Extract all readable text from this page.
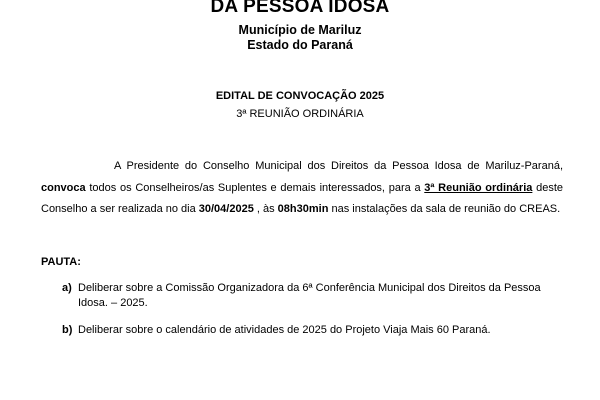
DA PESSOA IDOSA
Município de Mariluz
Estado do Paraná
EDITAL DE CONVOCAÇÃO 2025
3ª REUNIÃO ORDINÁRIA
A Presidente do Conselho Municipal dos Direitos da Pessoa Idosa de Mariluz-Paraná, convoca todos os Conselheiros/as Suplentes e demais interessados, para a 3ª Reunião ordinária deste Conselho a ser realizada no dia 30/04/2025 , às 08h30min nas instalações da sala de reunião do CREAS.
PAUTA:
a) Deliberar sobre a Comissão Organizadora da 6ª Conferência Municipal dos Direitos da Pessoa Idosa. – 2025.
b) Deliberar sobre o calendário de atividades de 2025 do Projeto Viaja Mais 60 Paraná.
